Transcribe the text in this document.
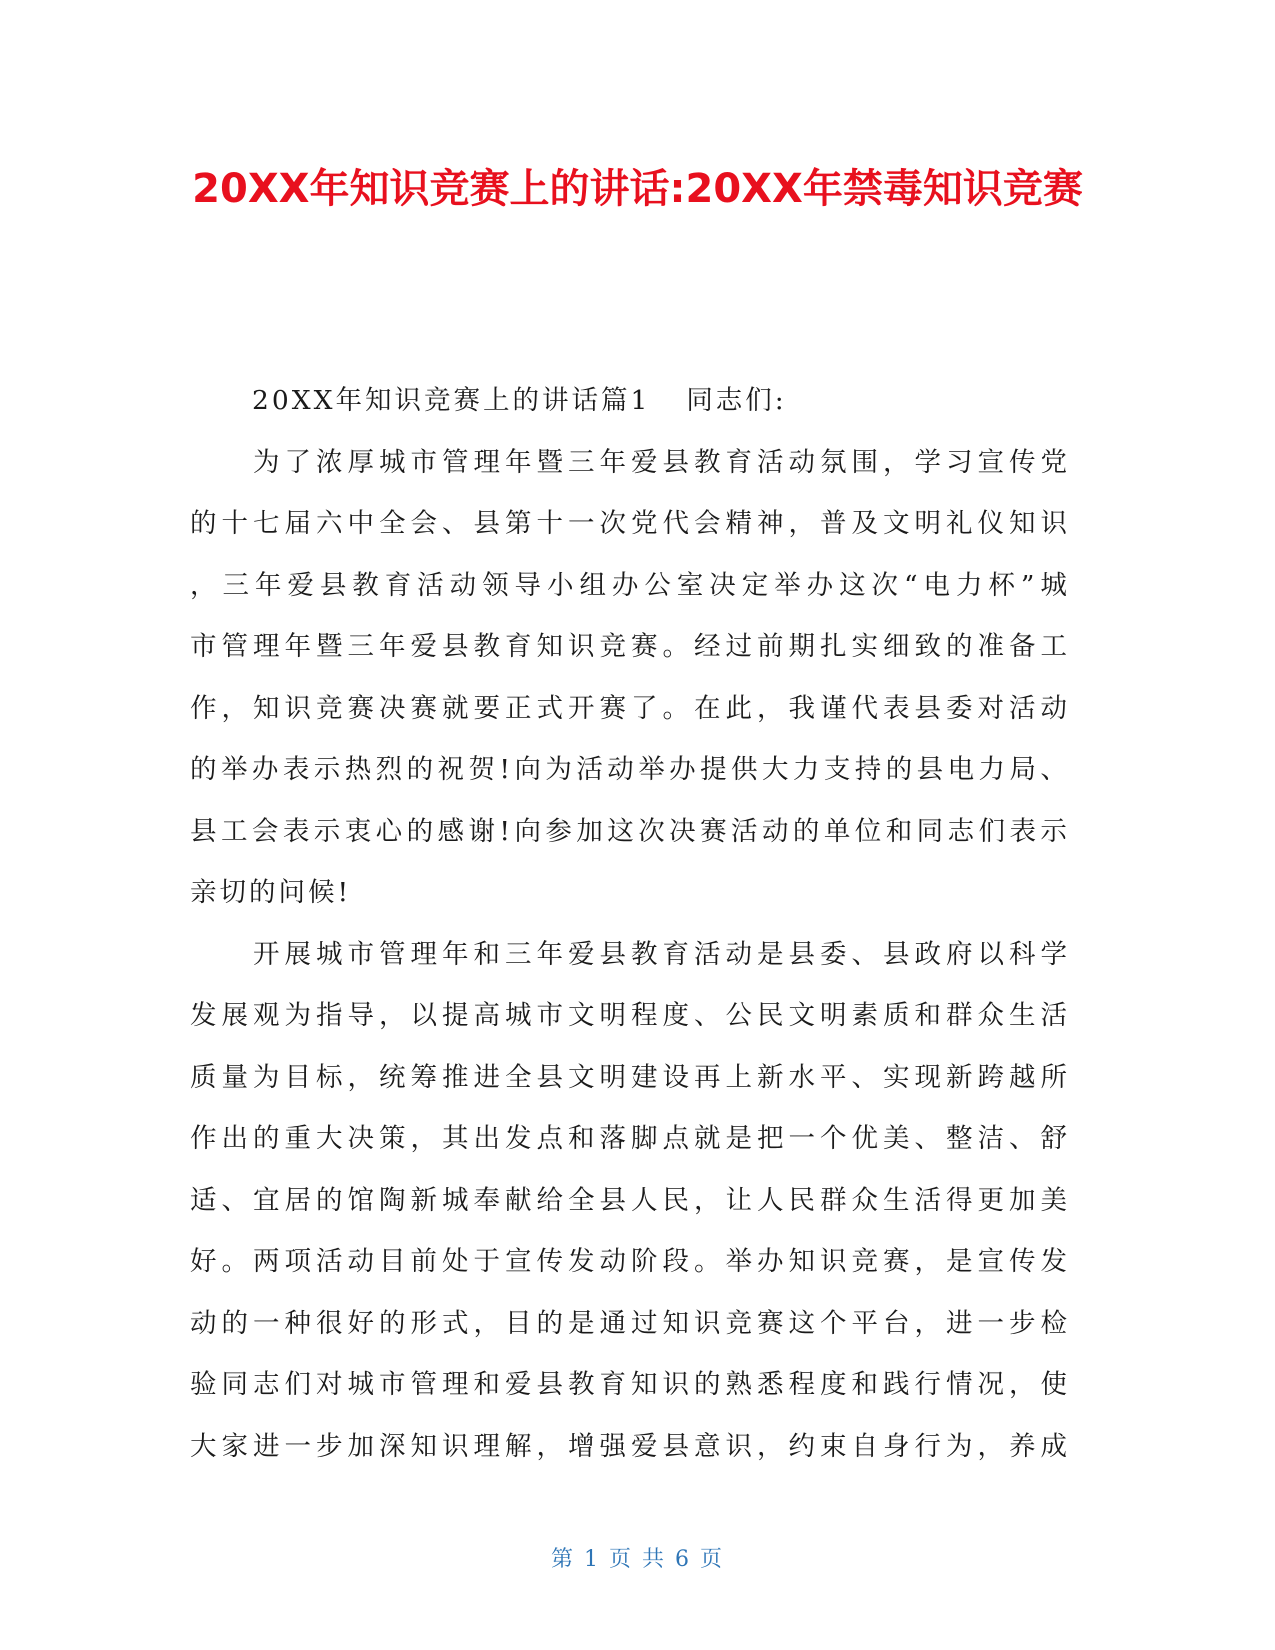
20XX年知识竞赛上的讲话:20XX年禁毒知识竞赛
20XX年知识竞赛上的讲话篇1 同志们:

为 了 浓 厚 城 市 管 理 年 暨 三 年 爱 县 教 育 活 动 氛 围 ， 学 习 宣 传 党
的 十 七 届 六 中 全 会 、 县 第 十 一 次 党 代 会 精 神 ， 普 及 文 明 礼 仪 知 识
， 三 年 爱 县 教 育 活 动 领 导 小 组 办 公 室 决 定 举 办 这 次 “ 电 力 杯 ” 城
市 管 理 年 暨 三 年 爱 县 教 育 知 识 竞 赛 。 经 过 前 期 扎 实 细 致 的 准 备 工
作 ， 知 识 竞 赛 决 赛 就 要 正 式 开 赛 了 。 在 此 ， 我 谨 代 表 县 委 对 活 动
的 举 办 表 示 热 烈 的 祝 贺 ! 向 为 活 动 举 办 提 供 大 力 支 持 的 县 电 力 局 、
县 工 会 表 示 衷 心 的 感 谢 ! 向 参 加 这 次 决 赛 活 动 的 单 位 和 同 志 们 表 示
亲切的问候!

开 展 城 市 管 理 年 和 三 年 爱 县 教 育 活 动 是 县 委 、 县 政 府 以 科 学
发 展 观 为 指 导 ， 以 提 高 城 市 文 明 程 度 、 公 民 文 明 素 质 和 群 众 生 活
质 量 为 目 标 ， 统 筹 推 进 全 县 文 明 建 设 再 上 新 水 平 、 实 现 新 跨 越 所
作 出 的 重 大 决 策 ， 其 出 发 点 和 落 脚 点 就 是 把 一 个 优 美 、 整 洁 、 舒
适 、 宜 居 的 馆 陶 新 城 奉 献 给 全 县 人 民 ， 让 人 民 群 众 生 活 得 更 加 美
好 。 两 项 活 动 目 前 处 于 宣 传 发 动 阶 段 。 举 办 知 识 竞 赛 ， 是 宣 传 发
动 的 一 种 很 好 的 形 式 ， 目 的 是 通 过 知 识 竞 赛 这 个 平 台 ， 进 一 步 检
验 同 志 们 对 城 市 管 理 和 爱 县 教 育 知 识 的 熟 悉 程 度 和 践 行 情 况 ， 使
大 家 进 一 步 加 深 知 识 理 解 ， 增 强 爱 县 意 识 ， 约 束 自 身 行 为 ， 养 成
第 1 页 共 6 页
